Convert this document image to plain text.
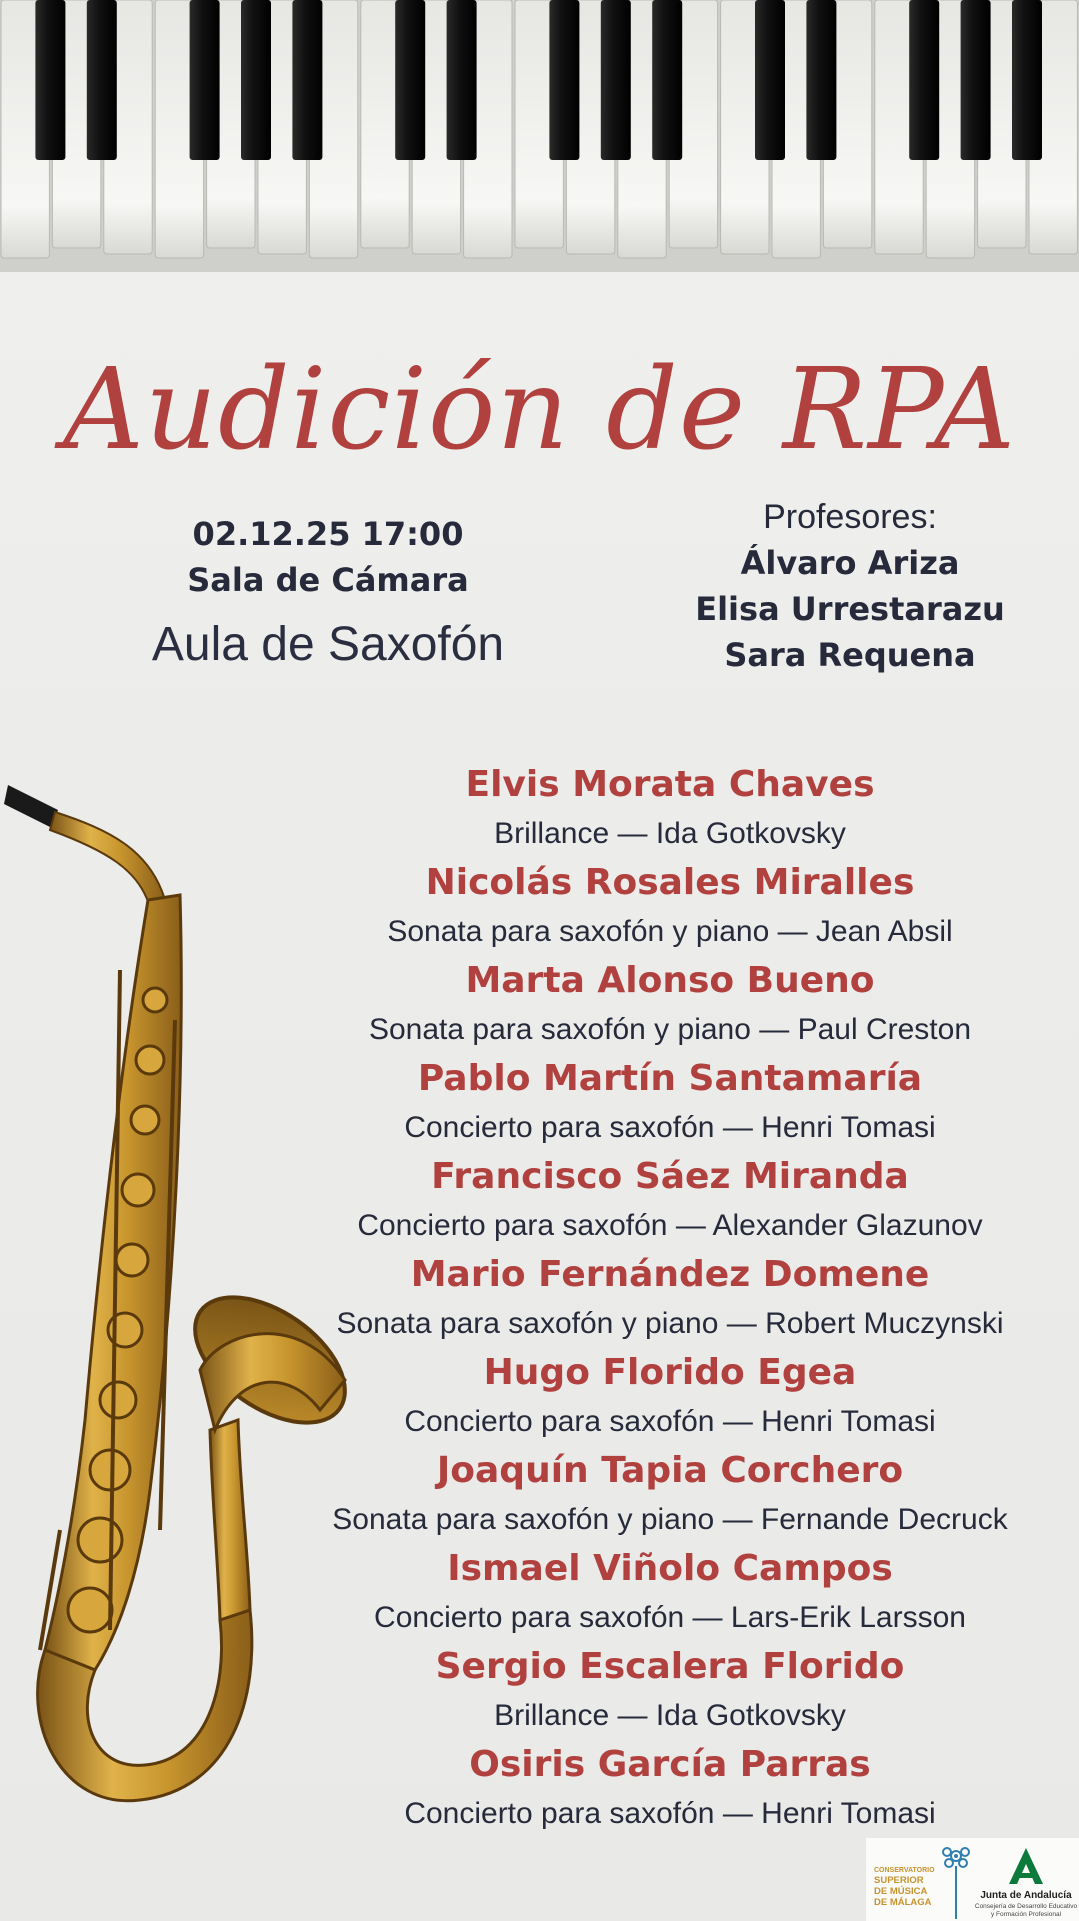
Audición de RPA
02.12.25 17:00
Sala de Cámara
Aula de Saxofón
Profesores:
Álvaro Ariza
Elisa Urrestarazu
Sara Requena
Elvis Morata Chaves
Brillance — Ida Gotkovsky
Nicolás Rosales Miralles
Sonata para saxofón y piano — Jean Absil
Marta Alonso Bueno
Sonata para saxofón y piano — Paul Creston
Pablo Martín Santamaría
Concierto para saxofón — Henri Tomasi
Francisco Sáez Miranda
Concierto para saxofón — Alexander Glazunov
Mario Fernández Domene
Sonata para saxofón y piano — Robert Muczynski
Hugo Florido Egea
Concierto para saxofón — Henri Tomasi
Joaquín Tapia Corchero
Sonata para saxofón y piano — Fernande Decruck
Ismael Viñolo Campos
Concierto para saxofón — Lars-Erik Larsson
Sergio Escalera Florido
Brillance — Ida Gotkovsky
Osiris García Parras
Concierto para saxofón — Henri Tomasi
CONSERVATORIO
SUPERIOR
DE MÚSICA
DE MÁLAGA
Junta de Andalucía
Consejería de Desarrollo Educativo y Formación Profesional
